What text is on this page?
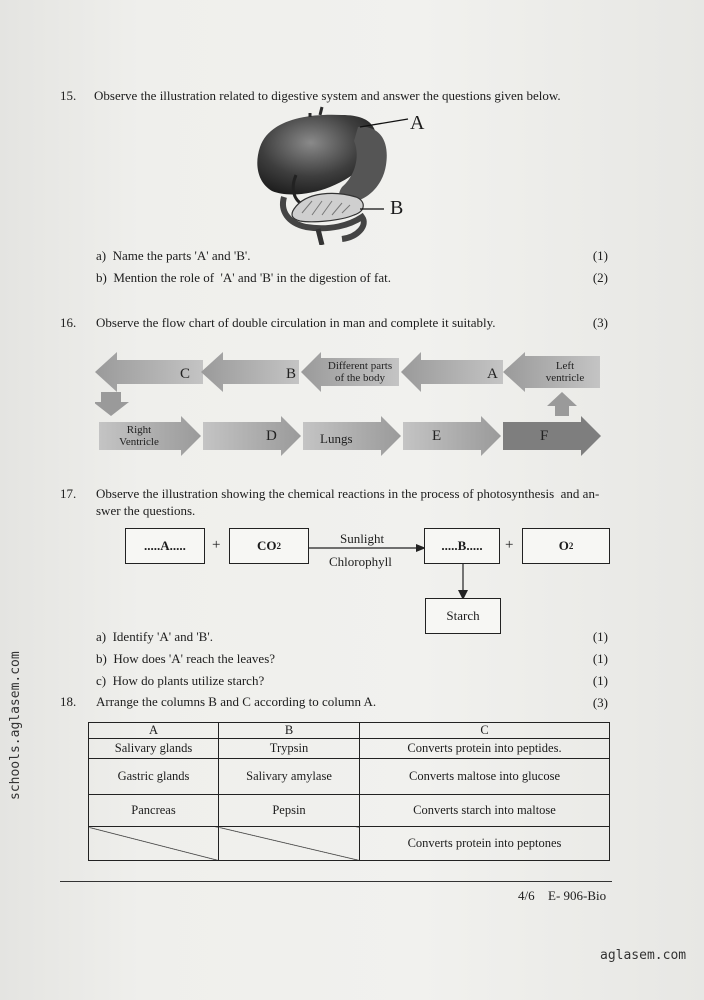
15. Observe the illustration related to digestive system and answer the questions given below.
A
B
a)  Name the parts 'A' and 'B'.	(1)
b)  Mention the role of  'A' and 'B' in the digestion of fat.	(2)
16. Observe the flow chart of double circulation in man and complete it suitably.	(3)
C	B	Different parts
of the body	A	Left
ventricle
Right
Ventricle	D	Lungs	E	F
17. Observe the illustration showing the chemical reactions in the process of photosynthesis  and an-
swer the questions.
.....A.....	+	CO 2	Sunlight
Chlorophyll
.....B.....	+	O 2
Starch
a)  Identify 'A' and 'B'.	(1)
b)  How does 'A' reach the leaves?	(1)
c)  How do plants utilize starch?	(1)
18. Arrange the columns B and C according to column A.	(3)
A	B	C
Salivary glands	Trypsin	Converts protein into peptides.
Gastric glands	Salivary amylase	Converts maltose into glucose
Pancreas	Pepsin	Converts starch into maltose
		Converts protein into peptones
4/6 E- 906-Bio
schools.aglasem.com
aglasem.com
